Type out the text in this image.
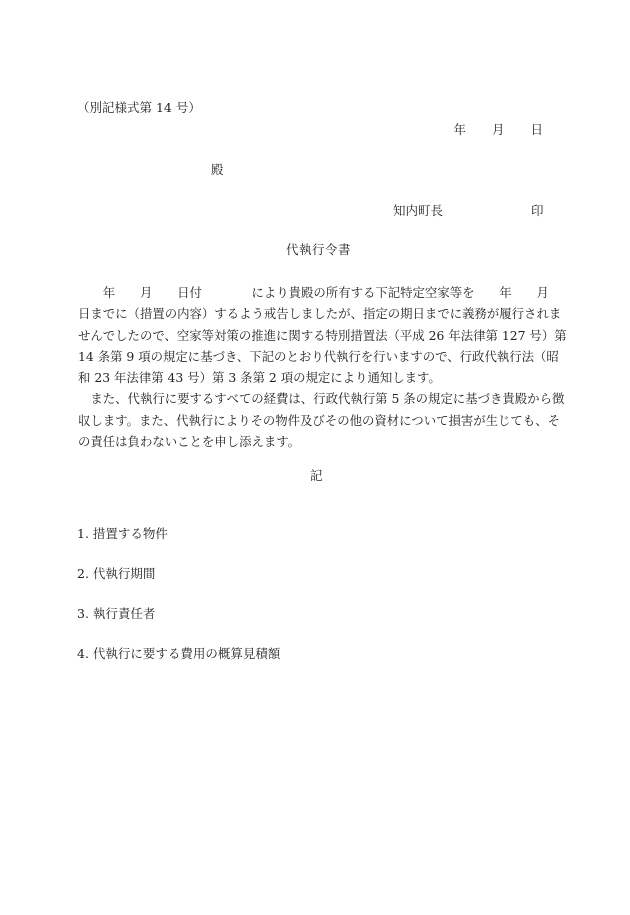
（別記様式第 14 号）
年 月 日
殿
知内町長	印
代執行令書
　　年　　月　　日付　　　　により貴殿の所有する下記特定空家等を　　年　　月
日までに（措置の内容）するよう戒告しましたが、指定の期日までに義務が履行されま
せんでしたので、空家等対策の推進に関する特別措置法（平成 26 年法律第 127 号）第
14 条第 9 項の規定に基づき、下記のとおり代執行を行いますので、行政代執行法（昭
和 23 年法律第 43 号）第 3 条第 2 項の規定により通知します。
　また、代執行に要するすべての経費は、行政代執行第 5 条の規定に基づき貴殿から徴
収します。また、代執行によりその物件及びその他の資材について損害が生じても、そ
の責任は負わないことを申し添えます。
記
1. 措置する物件
2. 代執行期間
3. 執行責任者
4. 代執行に要する費用の概算見積額
